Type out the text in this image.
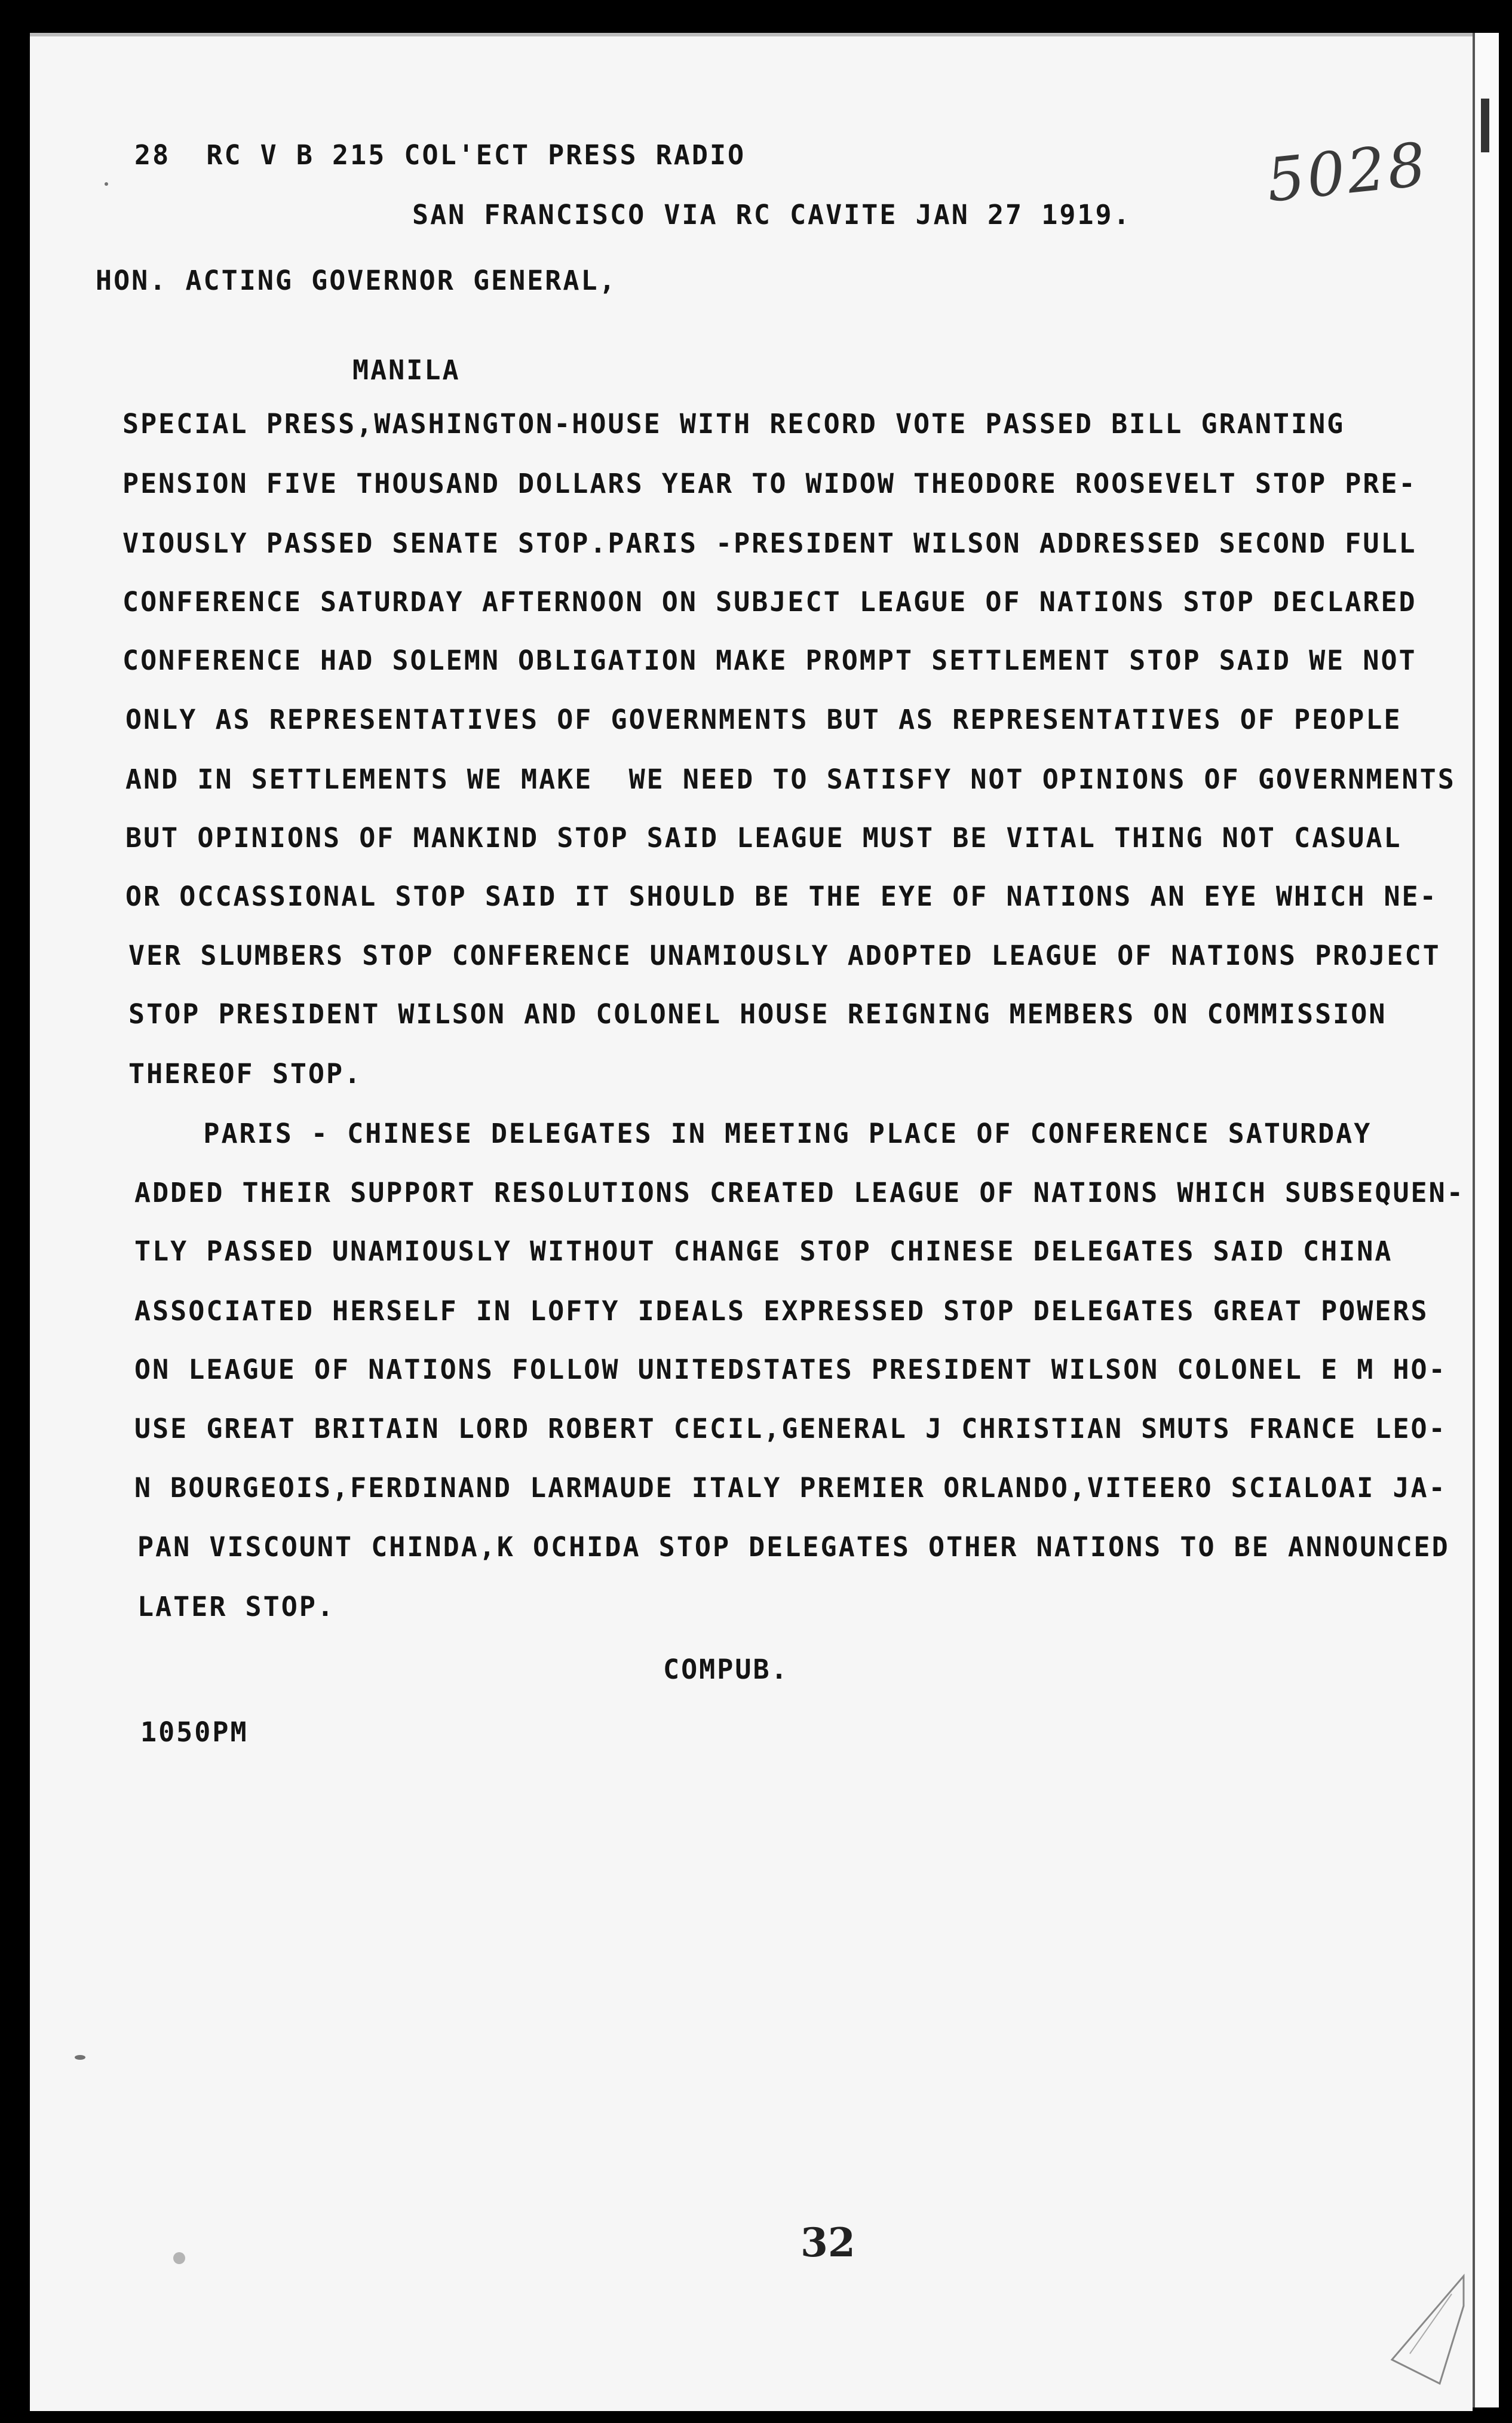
28  RC V B 215 COL'ECT PRESS RADIO
SAN FRANCISCO VIA RC CAVITE JAN 27 1919.
HON. ACTING GOVERNOR GENERAL,
MANILA
5028
SPECIAL PRESS,WASHINGTON-HOUSE WITH RECORD VOTE PASSED BILL GRANTING
PENSION FIVE THOUSAND DOLLARS YEAR TO WIDOW THEODORE ROOSEVELT STOP PRE-
VIOUSLY PASSED SENATE STOP.PARIS -PRESIDENT WILSON ADDRESSED SECOND FULL
CONFERENCE SATURDAY AFTERNOON ON SUBJECT LEAGUE OF NATIONS STOP DECLARED
CONFERENCE HAD SOLEMN OBLIGATION MAKE PROMPT SETTLEMENT STOP SAID WE NOT
ONLY AS REPRESENTATIVES OF GOVERNMENTS BUT AS REPRESENTATIVES OF PEOPLE
AND IN SETTLEMENTS WE MAKE  WE NEED TO SATISFY NOT OPINIONS OF GOVERNMENTS
BUT OPINIONS OF MANKIND STOP SAID LEAGUE MUST BE VITAL THING NOT CASUAL
OR OCCASSIONAL STOP SAID IT SHOULD BE THE EYE OF NATIONS AN EYE WHICH NE-
VER SLUMBERS STOP CONFERENCE UNAMIOUSLY ADOPTED LEAGUE OF NATIONS PROJECT
STOP PRESIDENT WILSON AND COLONEL HOUSE REIGNING MEMBERS ON COMMISSION
THEREOF STOP.
PARIS - CHINESE DELEGATES IN MEETING PLACE OF CONFERENCE SATURDAY
ADDED THEIR SUPPORT RESOLUTIONS CREATED LEAGUE OF NATIONS WHICH SUBSEQUEN-
TLY PASSED UNAMIOUSLY WITHOUT CHANGE STOP CHINESE DELEGATES SAID CHINA
ASSOCIATED HERSELF IN LOFTY IDEALS EXPRESSED STOP DELEGATES GREAT POWERS
ON LEAGUE OF NATIONS FOLLOW UNITEDSTATES PRESIDENT WILSON COLONEL E M HO-
USE GREAT BRITAIN LORD ROBERT CECIL,GENERAL J CHRISTIAN SMUTS FRANCE LEO-
N BOURGEOIS,FERDINAND LARMAUDE ITALY PREMIER ORLANDO,VITEERO SCIALOAI JA-
PAN VISCOUNT CHINDA,K OCHIDA STOP DELEGATES OTHER NATIONS TO BE ANNOUNCED
LATER STOP.
COMPUB.
1050PM
32
